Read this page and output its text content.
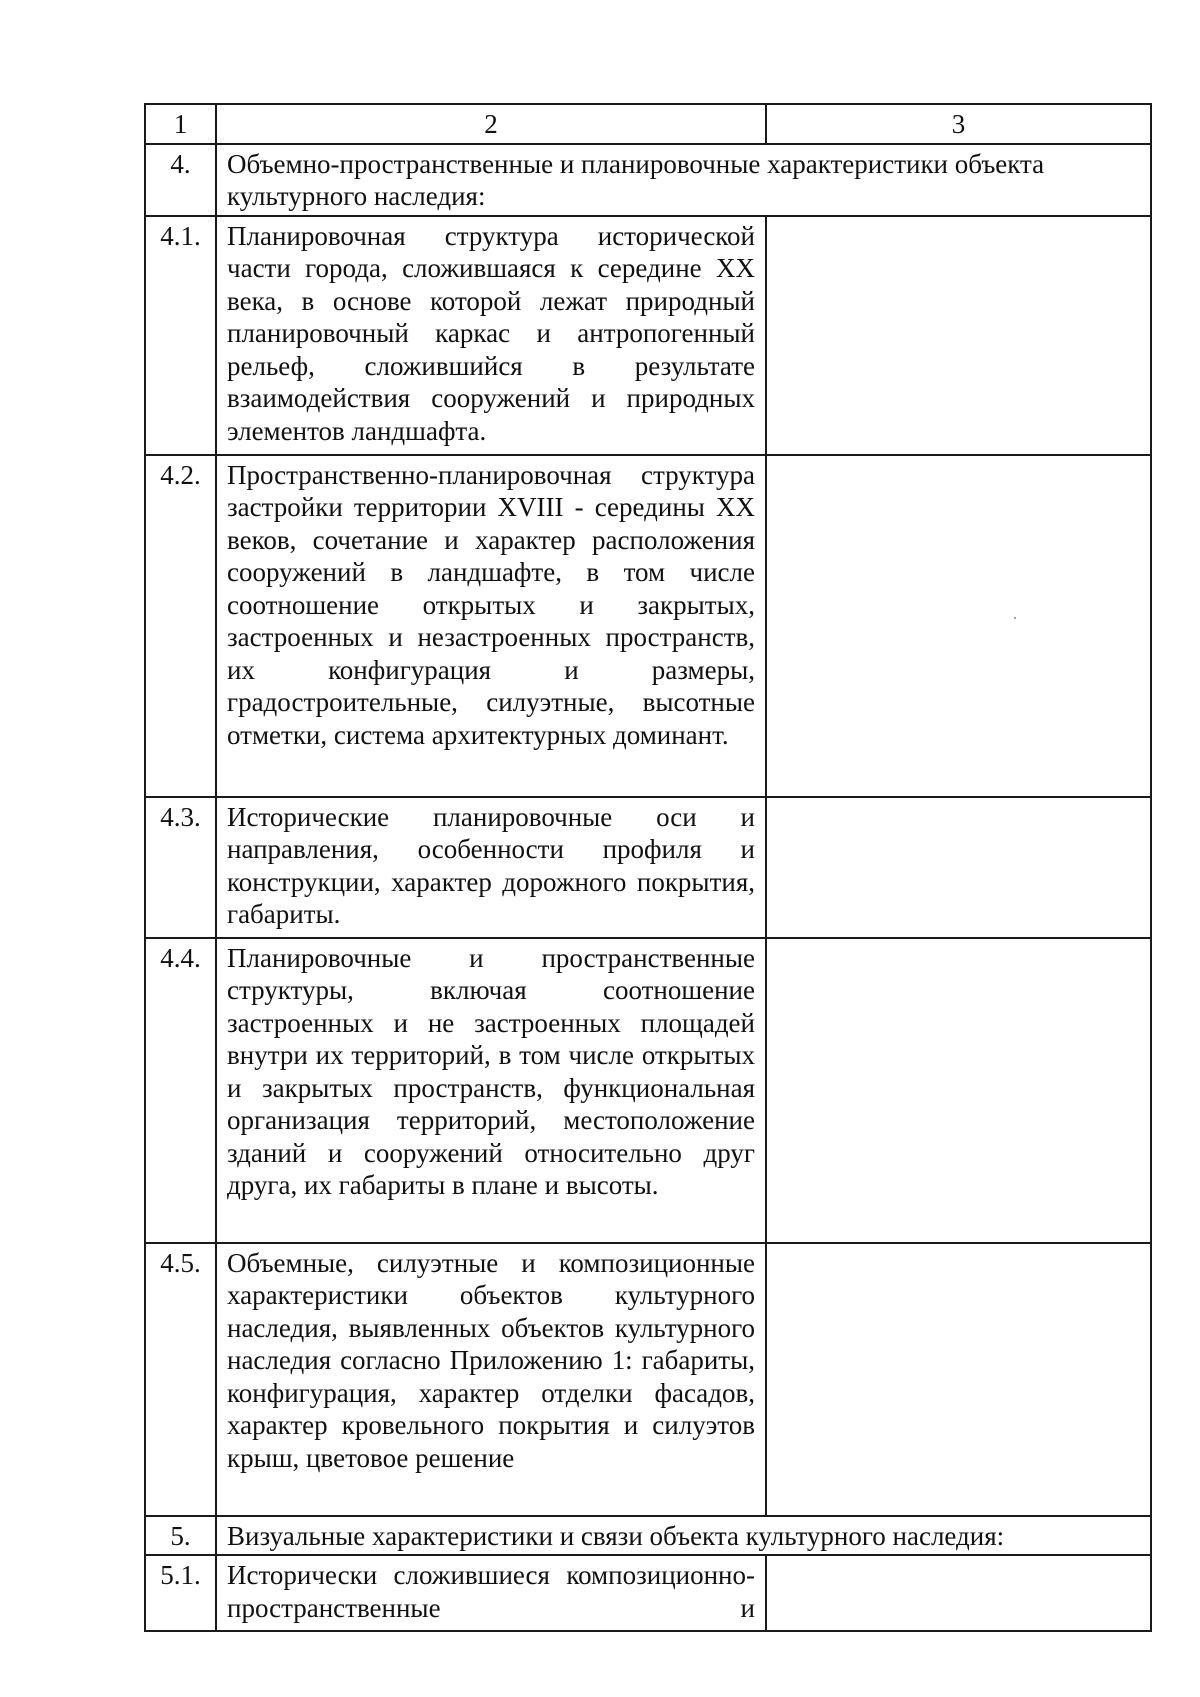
1	2	3
4.	Объемно-пространственные и планировочные характеристики объекта культурного наследия:	
4.1.	Планировочная структура исторической части города, сложившаяся к середине XX века, в основе которой лежат природный планировочный каркас и антропогенный рельеф, сложившийся в результате взаимодействия сооружений и природных элементов ландшафта.	
4.2.	Пространственно-планировочная структура застройки территории XVIII - середины XX веков, сочетание и характер расположения сооружений в ландшафте, в том числе соотношение открытых и закрытых, застроенных и незастроенных пространств, их конфигурация и размеры, градостроительные, силуэтные, высотные отметки, система архитектурных доминант.	
4.3.	Исторические планировочные оси и направления, особенности профиля и конструкции, характер дорожного покрытия, габариты.	
4.4.	Планировочные и пространственные структуры, включая соотношение застроенных и не застроенных площадей внутри их территорий, в том числе открытых и закрытых пространств, функциональная организация территорий, местоположение зданий и сооружений относительно друг друга, их габариты в плане и высоты.	
4.5.	Объемные, силуэтные и композиционные характеристики объектов культурного наследия, выявленных объектов культурного наследия согласно Приложению 1: габариты, конфигурация, характер отделки фасадов, характер кровельного покрытия и силуэтов крыш, цветовое решение	
5.	Визуальные характеристики и связи объекта культурного наследия:	
5.1.	Исторически сложившиеся композиционно-пространственные и	
